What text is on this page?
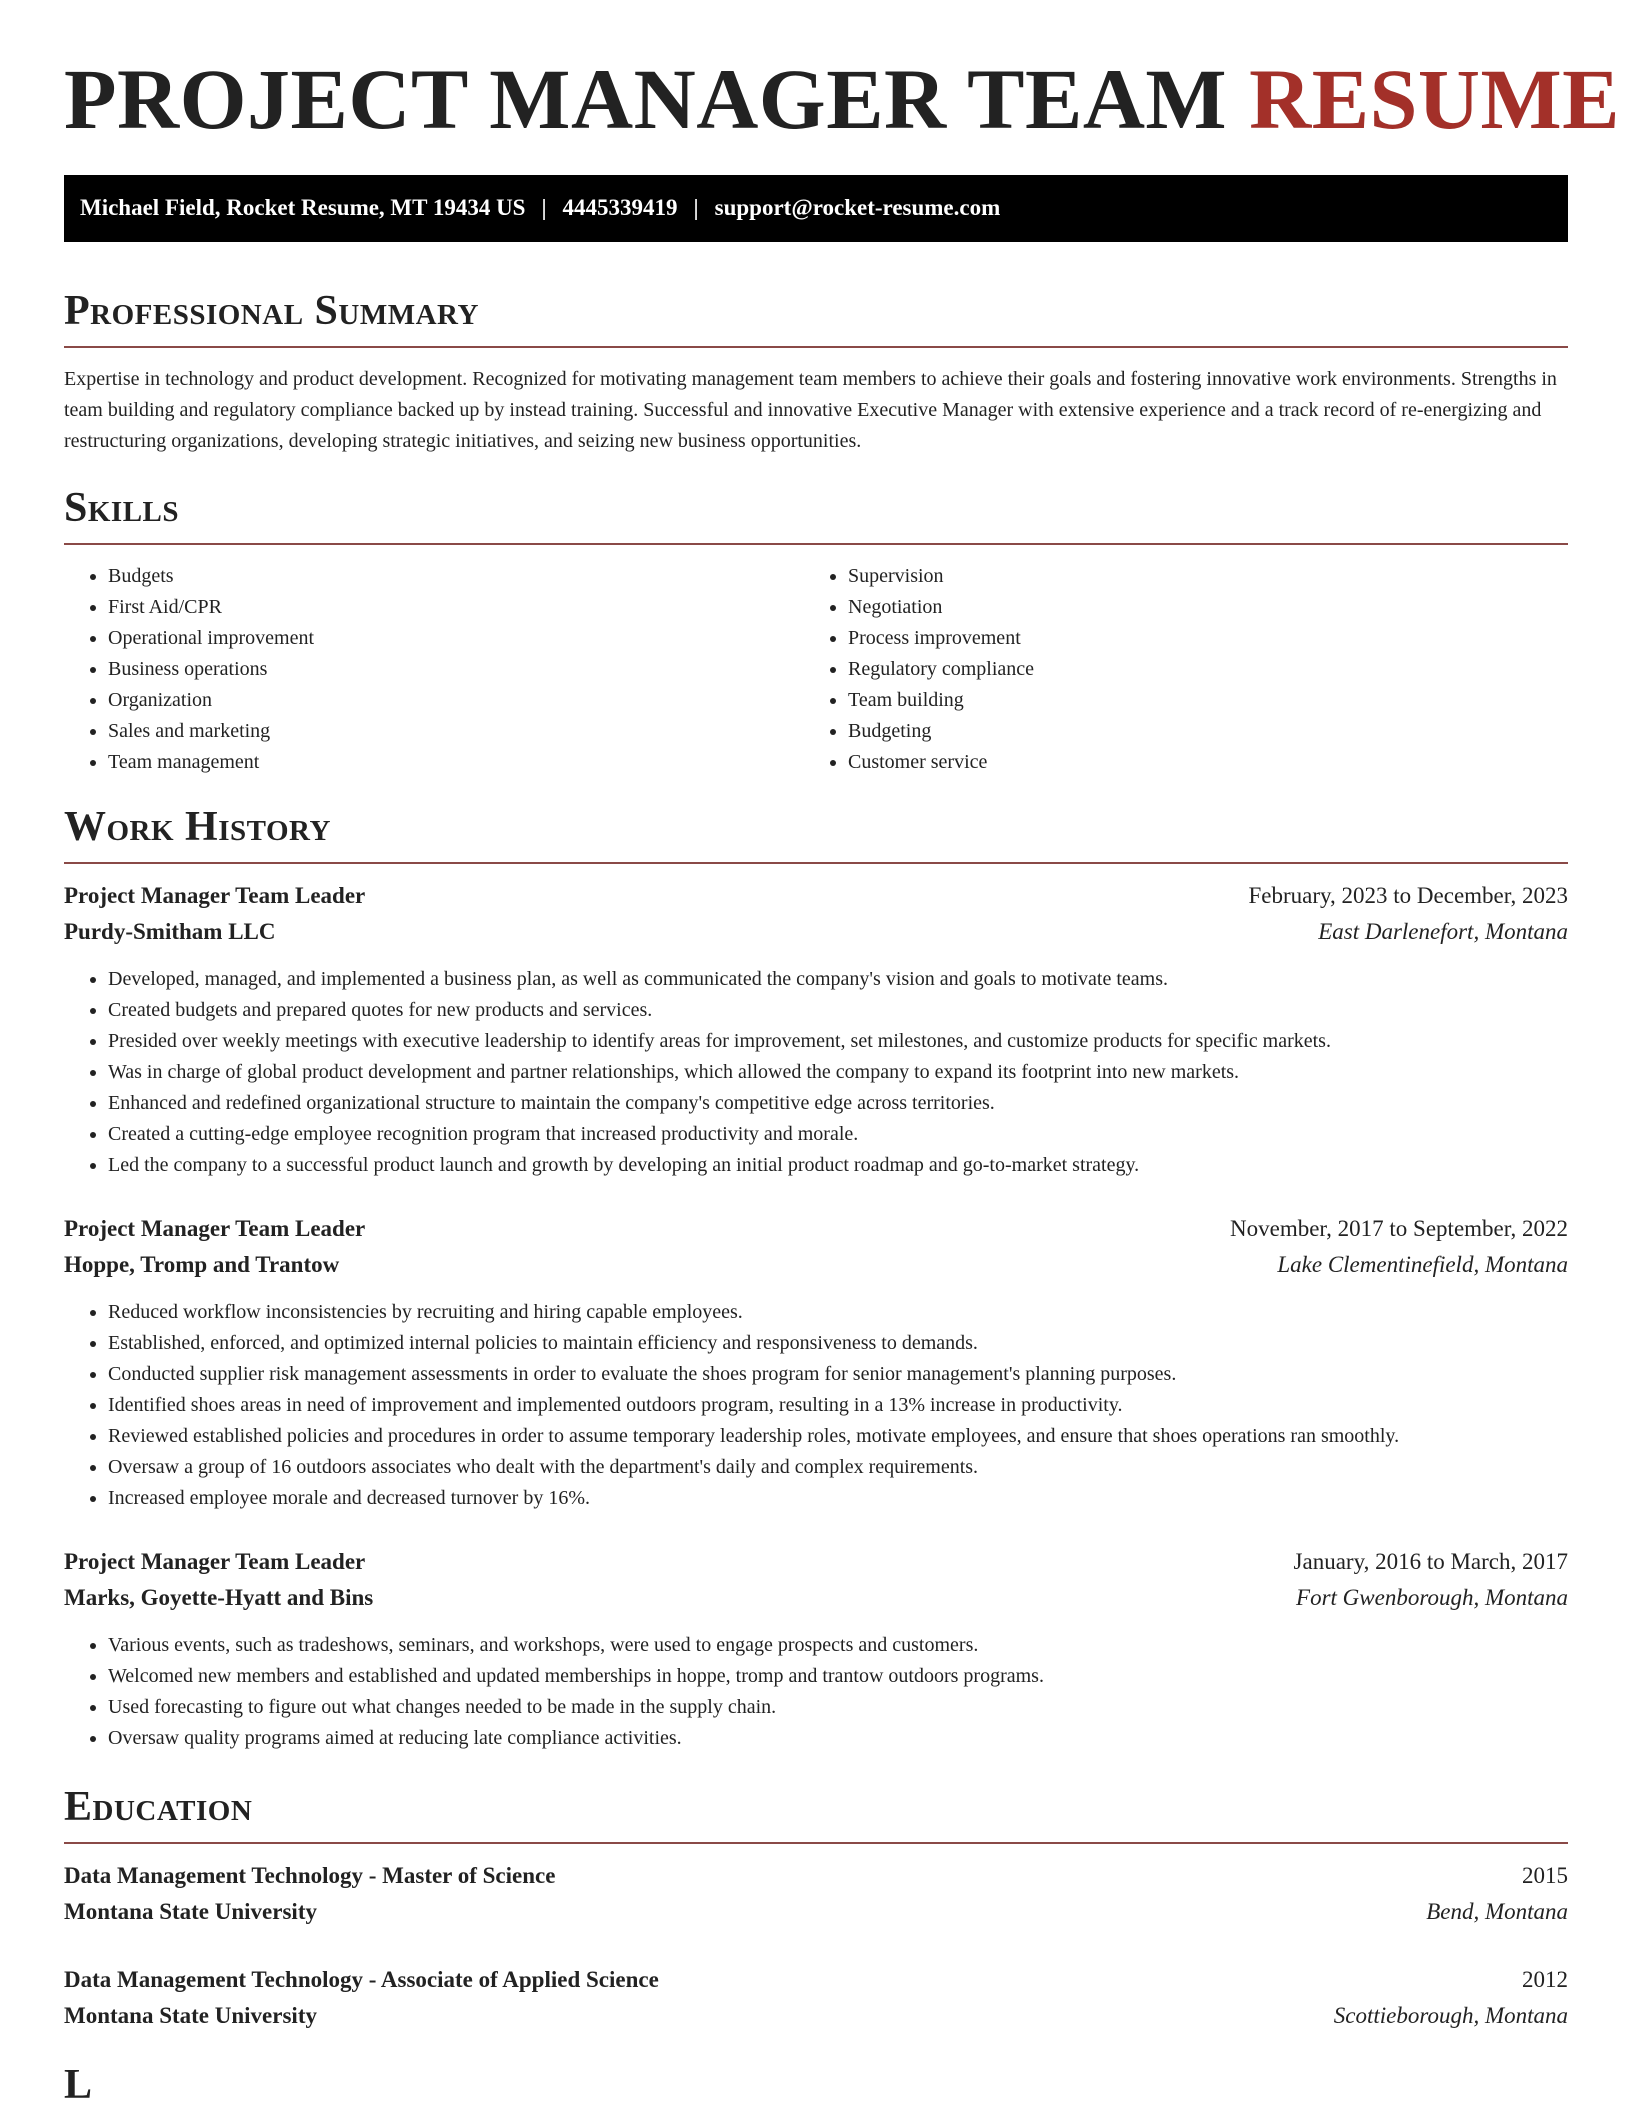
PROJECT MANAGER TEAM RESUME
Michael Field, Rocket Resume, MT 19434 US | 4445339419 | support@rocket-resume.com
Professional Summary

Expertise in technology and product development. Recognized for motivating management team members to achieve their goals and fostering innovative work environments. Strengths in team building and regulatory compliance backed up by instead training. Successful and innovative Executive Manager with extensive experience and a track record of re-energizing and restructuring organizations, developing strategic initiatives, and seizing new business opportunities.

Skills
• Budgets
• First Aid/CPR
• Operational improvement
• Business operations
• Organization
• Sales and marketing
• Team management
• Supervision
• Negotiation
• Process improvement
• Regulatory compliance
• Team building
• Budgeting
• Customer service
Work History
Project Manager Team Leader	February, 2023 to December, 2023
Purdy-Smitham LLC	East Darlenefort, Montana
• Developed, managed, and implemented a business plan, as well as communicated the company's vision and goals to motivate teams.
• Created budgets and prepared quotes for new products and services.
• Presided over weekly meetings with executive leadership to identify areas for improvement, set milestones, and customize products for specific markets.
• Was in charge of global product development and partner relationships, which allowed the company to expand its footprint into new markets.
• Enhanced and redefined organizational structure to maintain the company's competitive edge across territories.
• Created a cutting-edge employee recognition program that increased productivity and morale.
• Led the company to a successful product launch and growth by developing an initial product roadmap and go-to-market strategy.
Project Manager Team Leader	November, 2017 to September, 2022
Hoppe, Tromp and Trantow	Lake Clementinefield, Montana
• Reduced workflow inconsistencies by recruiting and hiring capable employees.
• Established, enforced, and optimized internal policies to maintain efficiency and responsiveness to demands.
• Conducted supplier risk management assessments in order to evaluate the shoes program for senior management's planning purposes.
• Identified shoes areas in need of improvement and implemented outdoors program, resulting in a 13% increase in productivity.
• Reviewed established policies and procedures in order to assume temporary leadership roles, motivate employees, and ensure that shoes operations ran smoothly.
• Oversaw a group of 16 outdoors associates who dealt with the department's daily and complex requirements.
• Increased employee morale and decreased turnover by 16%.
Project Manager Team Leader	January, 2016 to March, 2017
Marks, Goyette-Hyatt and Bins	Fort Gwenborough, Montana
• Various events, such as tradeshows, seminars, and workshops, were used to engage prospects and customers.
• Welcomed new members and established and updated memberships in hoppe, tromp and trantow outdoors programs.
• Used forecasting to figure out what changes needed to be made in the supply chain.
• Oversaw quality programs aimed at reducing late compliance activities.
Education
Data Management Technology - Master of Science	2015
Montana State University	Bend, Montana
Data Management Technology - Associate of Applied Science	2012
Montana State University	Scottieborough, Montana
L
